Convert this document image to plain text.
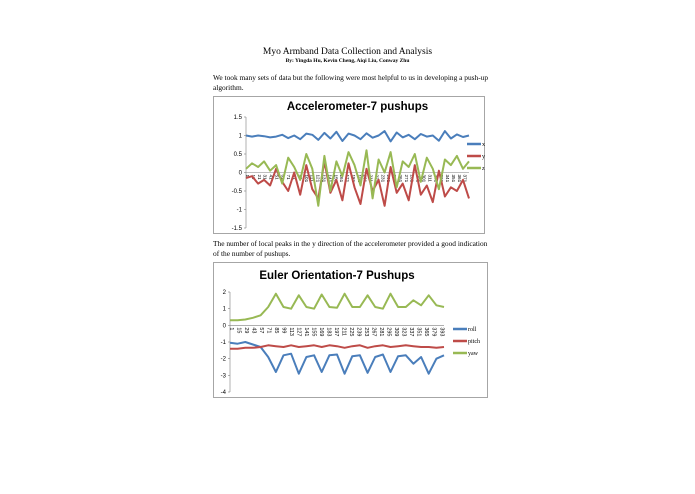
Myo Armband Data Collection and Analysis
By: Yingda Hu, Kevin Cheng, Aiqi Liu, Conway Zhu
We took many sets of data but the following were most helpful to us in developing a push-up algorithm.
Accelerometer-7 pushups
-1.5
-1
-0.5
0
0.5
1
1.5
1 11 21 31 41 51 61 71 81 91 101 111 121 131 141 151 161 171 181 191 201 211 221 231 241 251 261 271 281 291 301 311 321 331 341 351 361 371
x
y
z
The number of local peaks in the y direction of the accelerometer provided a good indication of the number of pushups.
Euler Orientation-7 Pushups
-4
-3
-2
-1
0
1
2
1 15 29 43 57 71 85 99 113 127 141 155 169 183 197 211 225 239 253 267 281 295 309 323 337 351 365 379 393	roll
pitch
yaw
